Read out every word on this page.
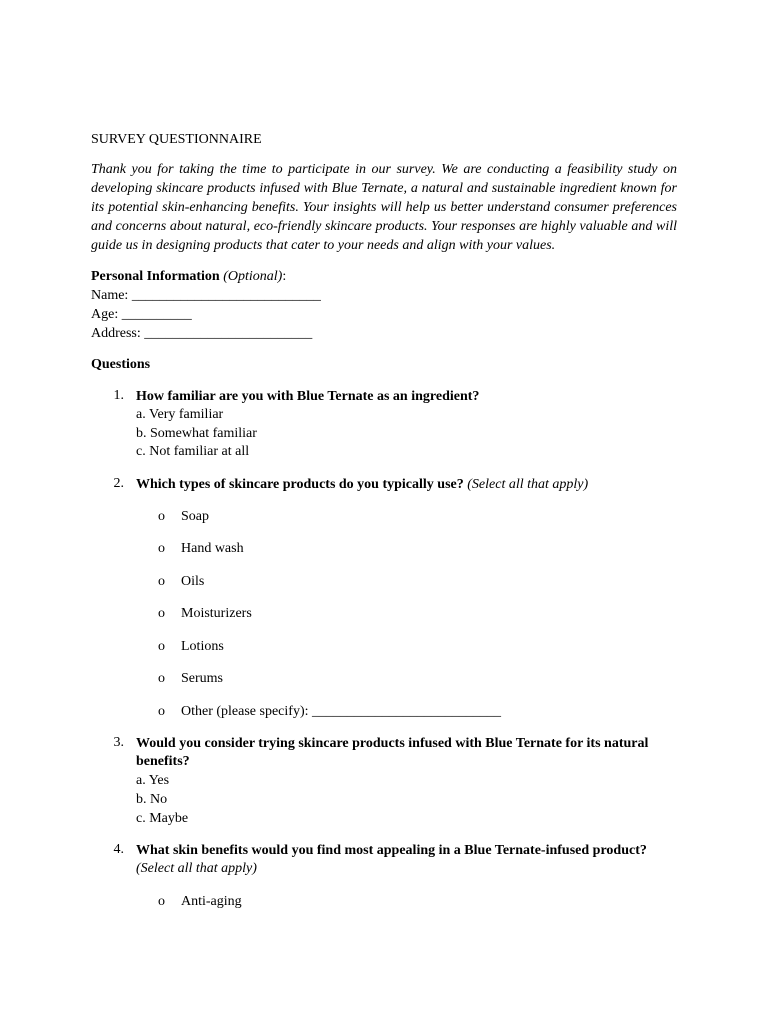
SURVEY QUESTIONNAIRE

Thank you for taking the time to participate in our survey. We are conducting a feasibility study on developing skincare products infused with Blue Ternate, a natural and sustainable ingredient known for its potential skin-enhancing benefits. Your insights will help us better understand consumer preferences and concerns about natural, eco-friendly skincare products. Your responses are highly valuable and will guide us in designing products that cater to your needs and align with your values.

Personal Information (Optional):
Name: ___________________________
Age: __________
Address: ________________________
Questions
1. How familiar are you with Blue Ternate as an ingredient?
a. Very familiar
b. Somewhat familiar
c. Not familiar at all
2. Which types of skincare products do you typically use? (Select all that apply)
o Soap
o Hand wash
o Oils
o Moisturizers
o Lotions
o Serums
o Other (please specify): ___________________________
3. Would you consider trying skincare products infused with Blue Ternate for its natural benefits?
a. Yes
b. No
c. Maybe
4. What skin benefits would you find most appealing in a Blue Ternate-infused product?
(Select all that apply)
o Anti-aging
